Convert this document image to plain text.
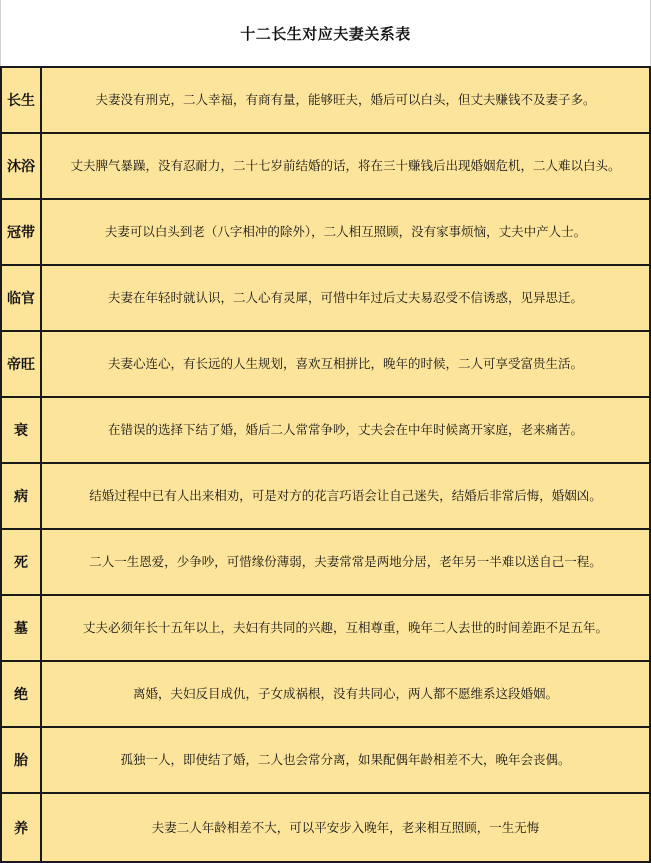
十二长生对应夫妻关系表
长生	夫妻没有刑克，二人幸福，有商有量，能够旺夫，婚后可以白头，但丈夫赚钱不及妻子多。
沐浴	丈夫脾气暴躁，没有忍耐力，二十七岁前结婚的话，将在三十赚钱后出现婚姻危机，二人难以白头。
冠带	夫妻可以白头到老（八字相冲的除外），二人相互照顾，没有家事烦恼，丈夫中产人士。
临官	夫妻在年轻时就认识，二人心有灵犀，可惜中年过后丈夫易忍受不信诱惑，见异思迁。
帝旺	夫妻心连心，有长远的人生规划，喜欢互相拼比，晚年的时候，二人可享受富贵生活。
衰	在错误的选择下结了婚，婚后二人常常争吵，丈夫会在中年时候离开家庭，老来痛苦。
病	结婚过程中已有人出来相劝，可是对方的花言巧语会让自己迷失，结婚后非常后悔，婚姻凶。
死	二人一生恩爱，少争吵，可惜缘份薄弱，夫妻常常是两地分居，老年另一半难以送自己一程。
墓	丈夫必须年长十五年以上，夫妇有共同的兴趣，互相尊重，晚年二人去世的时间差距不足五年。
绝	离婚，夫妇反目成仇，子女成祸根，没有共同心，两人都不愿维系这段婚姻。
胎	孤独一人，即使结了婚，二人也会常分离，如果配偶年龄相差不大，晚年会丧偶。
养	夫妻二人年龄相差不大，可以平安步入晚年，老来相互照顾，一生无悔
